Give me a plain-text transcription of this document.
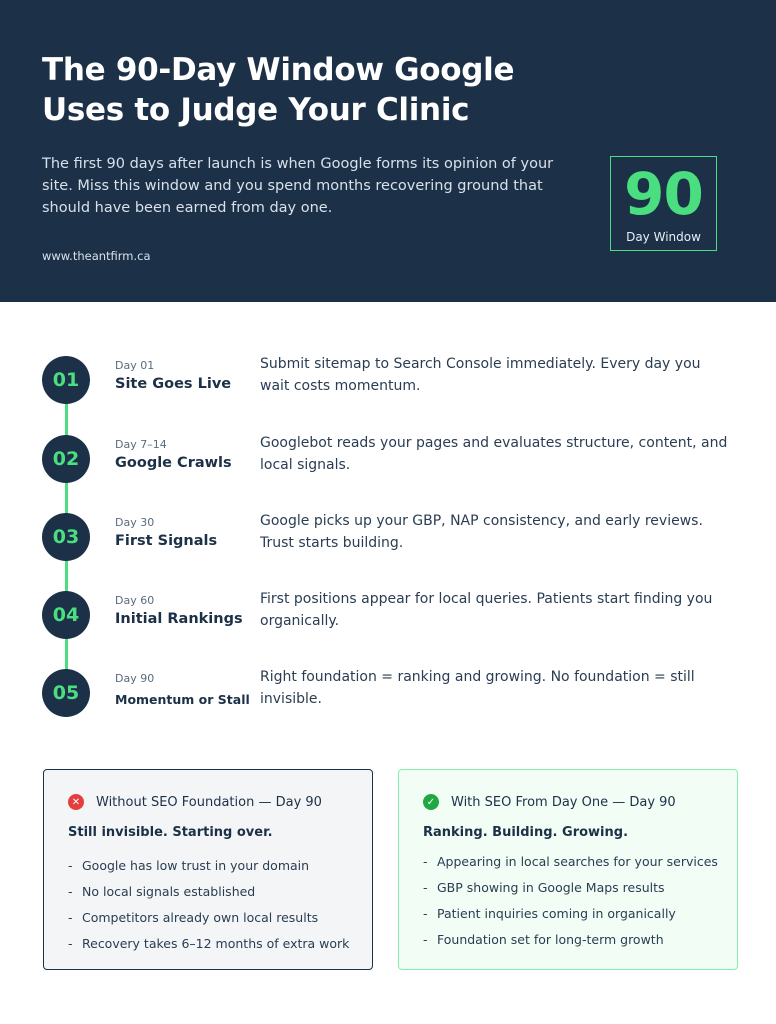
The 90-Day Window Google Uses to Judge Your Clinic

The first 90 days after launch is when Google forms its opinion of your site. Miss this window and you spend months recovering ground that should have been earned from day one.

www.theantfirm.ca
90
Day Window
01
Day 01
Site Goes Live
Submit sitemap to Search Console immediately. Every day you wait costs momentum.
02
Day 7–14
Google Crawls
Googlebot reads your pages and evaluates structure, content, and local signals.
03
Day 30
First Signals
Google picks up your GBP, NAP consistency, and early reviews. Trust starts building.
04
Day 60
Initial Rankings
First positions appear for local queries. Patients start finding you organically.
05
Day 90
Momentum or Stall
Right foundation = ranking and growing. No foundation = still invisible.
✕ Without SEO Foundation — Day 90
Still invisible. Starting over.
- Google has low trust in your domain
- No local signals established
- Competitors already own local results
- Recovery takes 6–12 months of extra work
✓ With SEO From Day One — Day 90
Ranking. Building. Growing.
- Appearing in local searches for your services
- GBP showing in Google Maps results
- Patient inquiries coming in organically
- Foundation set for long-term growth
